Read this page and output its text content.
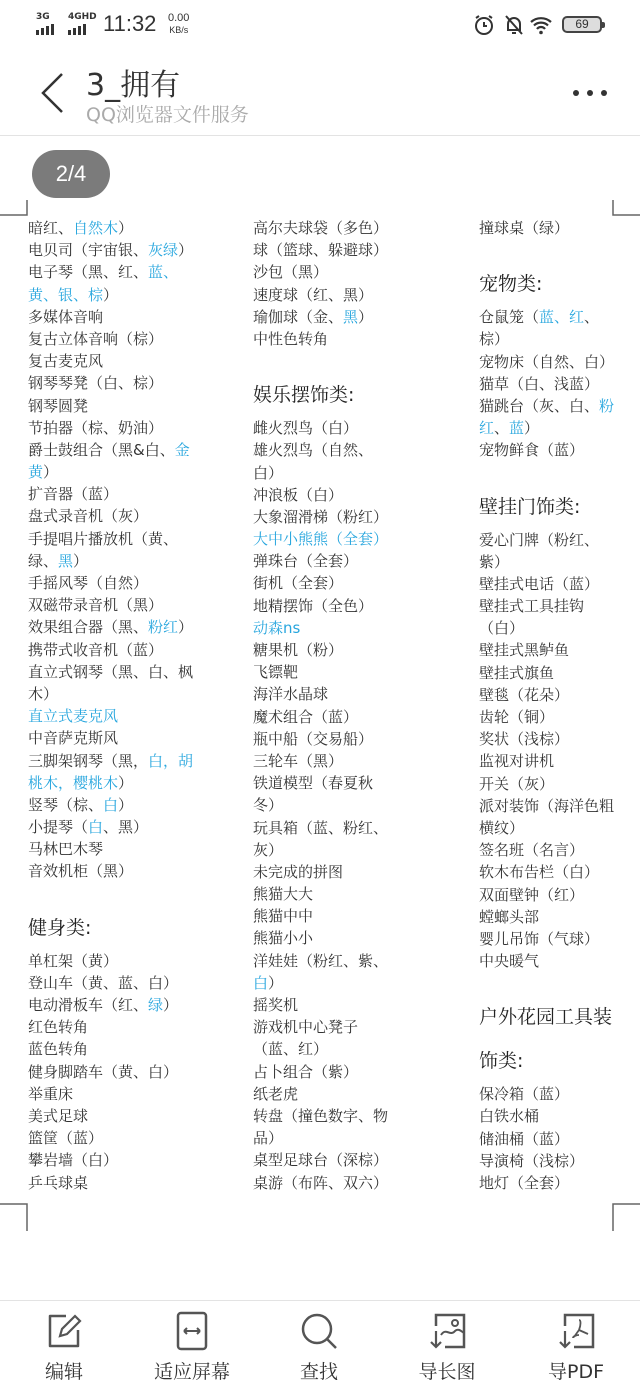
3G 4GHD 11:32 0.00
KB/s	69
3_拥有
QQ浏览器文件服务
2/4
暗红、自然木）
电贝司（宇宙银、灰绿）
电子琴（黑、红、蓝、
黄、银、棕）
多媒体音响
复古立体音响（棕）
复古麦克风
钢琴琴凳（白、棕）
钢琴圆凳
节拍器（棕、奶油）
爵士鼓组合（黑&白、金
黄）
扩音器（蓝）
盘式录音机（灰）
手提唱片播放机（黄、
绿、黑）
手摇风琴（自然）
双磁带录音机（黑）
效果组合器（黑、粉红）
携带式收音机（蓝）
直立式钢琴（黑、白、枫
木）
直立式麦克风
中音萨克斯风
三脚架钢琴（黑，白，胡
桃木，樱桃木）
竖琴（棕、白）
小提琴（白、黑）
马林巴木琴
音效机柜（黑）
健身类:
单杠架（黄）
登山车（黄、蓝、白）
电动滑板车（红、绿）
红色转角
蓝色转角
健身脚踏车（黄、白）
举重床
美式足球
篮筐（蓝）
攀岩墙（白）
乒乓球桌
高尔夫球袋（多色）
球（篮球、躲避球）
沙包（黑）
速度球（红、黑）
瑜伽球（金、黑）
中性色转角
娱乐摆饰类:
雌火烈鸟（白）
雄火烈鸟（自然、
白）
冲浪板（白）
大象溜滑梯（粉红）
大中小熊熊（全套）
弹珠台（全套）
街机（全套）
地精摆饰（全色）
动森ns
糖果机（粉）
飞镖靶
海洋水晶球
魔术组合（蓝）
瓶中船（交易船）
三轮车（黑）
铁道模型（春夏秋
冬）
玩具箱（蓝、粉红、
灰）
未完成的拼图
熊猫大大
熊猫中中
熊猫小小
洋娃娃（粉红、紫、
白）
摇奖机
游戏机中心凳子
（蓝、红）
占卜组合（紫）
纸老虎
转盘（撞色数字、物
品）
桌型足球台（深棕）
桌游（布阵、双六）
撞球桌（绿）
宠物类:
仓鼠笼（蓝、红、
棕）
宠物床（自然、白）
猫草（白、浅蓝）
猫跳台（灰、白、粉
红、蓝）
宠物鲜食（蓝）
壁挂门饰类:
爱心门牌（粉红、
紫）
壁挂式电话（蓝）
壁挂式工具挂钩
（白）
壁挂式黑鲈鱼
壁挂式旗鱼
壁毯（花朵）
齿轮（铜）
奖状（浅棕）
监视对讲机
开关（灰）
派对装饰（海洋色粗
横纹）
签名班（名言）
软木布告栏（白）
双面壁钟（红）
螳螂头部
婴儿吊饰（气球）
中央暖气
户外花园工具装
饰类:
保冷箱（蓝）
白铁水桶
储油桶（蓝）
导演椅（浅棕）
地灯（全套）
编辑	适应屏幕	查找	导长图	导PDF
